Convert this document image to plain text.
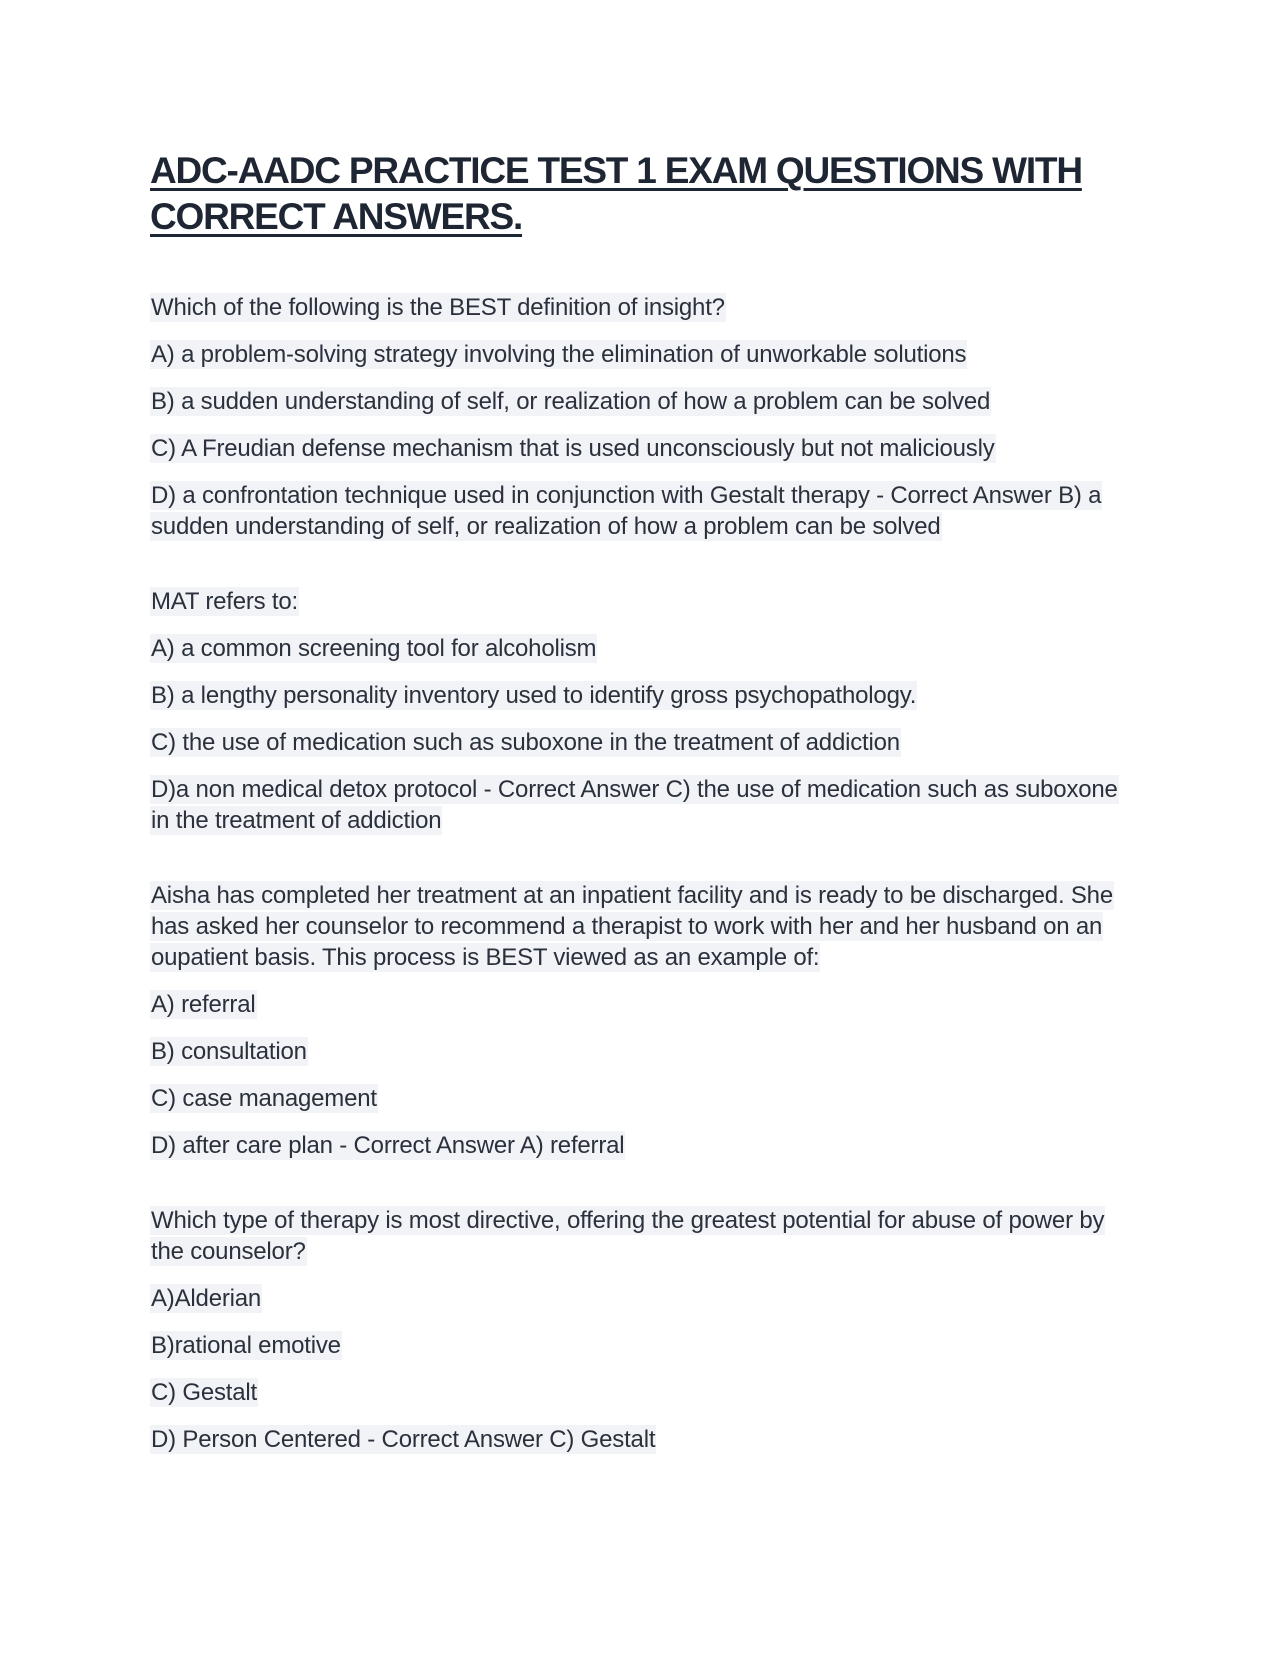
ADC-AADC PRACTICE TEST 1 EXAM QUESTIONS WITH CORRECT ANSWERS.
Which of the following is the BEST definition of insight?
A) a problem-solving strategy involving the elimination of unworkable solutions
B) a sudden understanding of self, or realization of how a problem can be solved
C) A Freudian defense mechanism that is used unconsciously but not maliciously
D) a confrontation technique used in conjunction with Gestalt therapy - Correct Answer B) a sudden understanding of self, or realization of how a problem can be solved
MAT refers to:
A) a common screening tool for alcoholism
B) a lengthy personality inventory used to identify gross psychopathology.
C) the use of medication such as suboxone in the treatment of addiction
D)a non medical detox protocol - Correct Answer C) the use of medication such as suboxone in the treatment of addiction
Aisha has completed her treatment at an inpatient facility and is ready to be discharged. She has asked her counselor to recommend a therapist to work with her and her husband on an oupatient basis. This process is BEST viewed as an example of:
A) referral
B) consultation
C) case management
D) after care plan - Correct Answer A) referral
Which type of therapy is most directive, offering the greatest potential for abuse of power by the counselor?
A)Alderian
B)rational emotive
C) Gestalt
D) Person Centered - Correct Answer C) Gestalt
